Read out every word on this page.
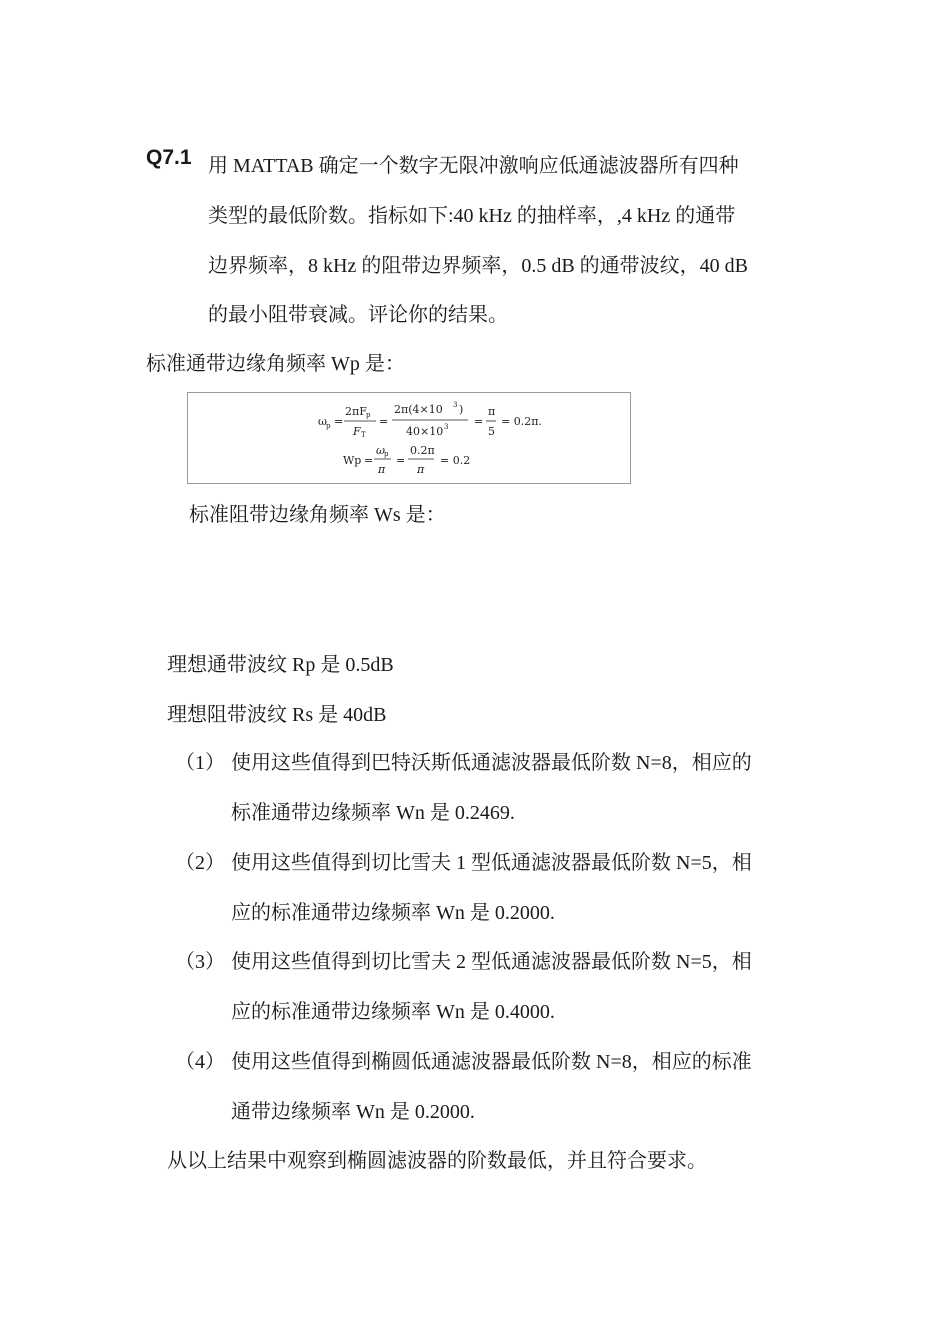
Q7.1 用 MATTAB 确定一个数字无限冲激响应低通滤波器所有四种
类型的最低阶数。指标如下:40 kHz 的抽样率，,4 kHz 的通带
边界频率，8 kHz 的阻带边界频率，0.5 dB 的通带波纹，40 dB
的最小阻带衰减。评论你的结果。
标准通带边缘角频率 Wp 是：
ω p =
2πF p
F T
=
2π(4×10 3 )
40×10 3 =
π
5
= 0.2π.
Wp =
ω p
π
=
0.2π
π
= 0.2
标准阻带边缘角频率 Ws 是：
理想通带波纹 Rp 是 0.5dB
理想阻带波纹 Rs 是 40dB
（1） 使用这些值得到巴特沃斯低通滤波器最低阶数 N=8，相应的
标准通带边缘频率 Wn 是 0.2469.
（2） 使用这些值得到切比雪夫 1 型低通滤波器最低阶数 N=5，相
应的标准通带边缘频率 Wn 是 0.2000.
（3） 使用这些值得到切比雪夫 2 型低通滤波器最低阶数 N=5，相
应的标准通带边缘频率 Wn 是 0.4000.
（4） 使用这些值得到椭圆低通滤波器最低阶数 N=8，相应的标准
通带边缘频率 Wn 是 0.2000.
从以上结果中观察到椭圆滤波器的阶数最低，并且符合要求。
